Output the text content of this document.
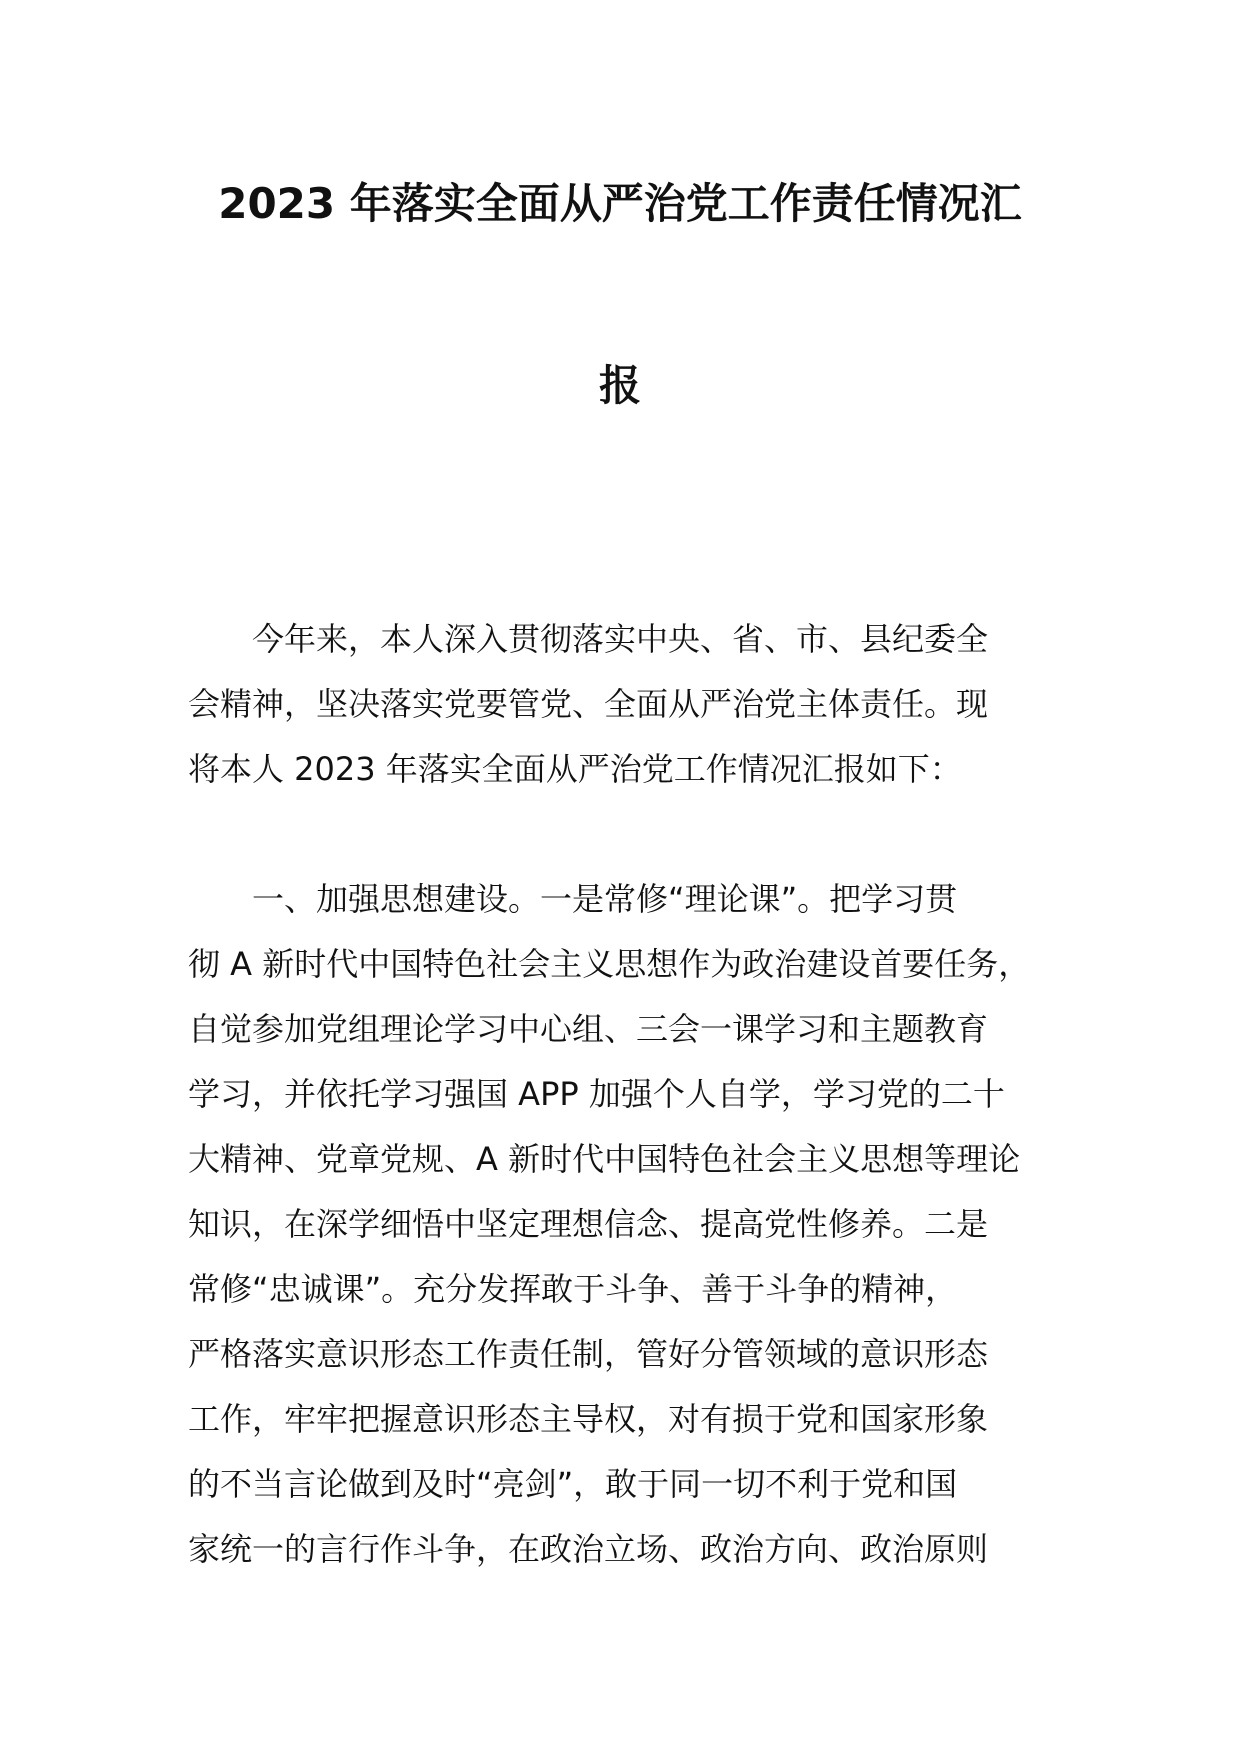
2023 年落实全面从严治党工作责任情况汇
报
今年来，本人深入贯彻落实中央、省、市、县纪委全
会精神，坚决落实党要管党、全面从严治党主体责任。现
将本人 2023 年落实全面从严治党工作情况汇报如下：
一、加强思想建设。一是常修“理论课”。把学习贯
彻 A 新时代中国特色社会主义思想作为政治建设首要任务，
自觉参加党组理论学习中心组、三会一课学习和主题教育
学习，并依托学习强国 APP 加强个人自学，学习党的二十
大精神、党章党规、A 新时代中国特色社会主义思想等理论
知识，在深学细悟中坚定理想信念、提高党性修养。二是
常修“忠诚课”。充分发挥敢于斗争、善于斗争的精神，
严格落实意识形态工作责任制，管好分管领域的意识形态
工作，牢牢把握意识形态主导权，对有损于党和国家形象
的不当言论做到及时“亮剑”，敢于同一切不利于党和国
家统一的言行作斗争，在政治立场、政治方向、政治原则
